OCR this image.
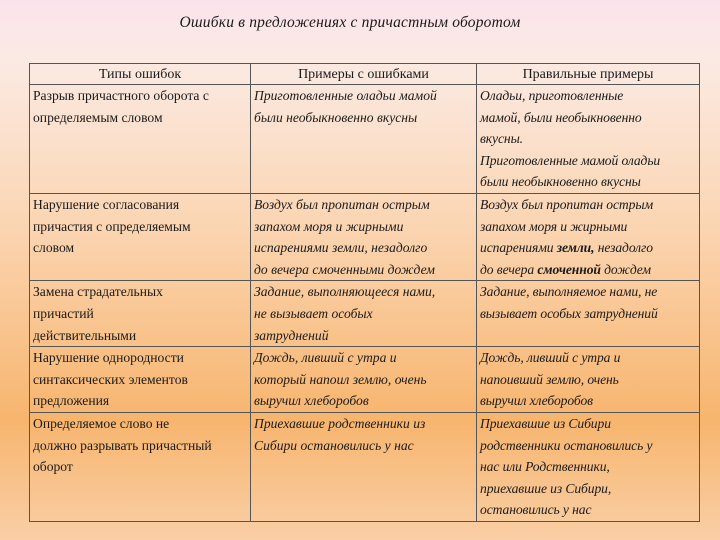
Ошибки в предложениях с причастным оборотом
Типы ошибок	Примеры с ошибками	Правильные примеры

Разрыв причастного оборота с
определяемым словом	Приготовленные оладьи мамой
были необыкновенно вкусны	Оладьи, приготовленные
мамой, были необыкновенно
вкусны.
Приготовленные мамой оладьи
были необыкновенно вкусны

Нарушение согласования
причастия с определяемым
словом	Воздух был пропитан острым
запахом моря и жирными
испарениями земли, незадолго
до вечера смоченными дождем	Воздух был пропитан острым
запахом моря и жирными
испарениями земли, незадолго
до вечера смоченной дождем

Замена страдательных
причастий
действительными	Задание, выполняющееся нами,
не вызывает особых
затруднений	Задание, выполняемое нами, не
вызывает особых затруднений

Нарушение однородности
синтаксических элементов
предложения	Дождь, ливший с утра и
который напоил землю, очень
выручил хлеборобов	Дождь, ливший с утра и
напоивший землю, очень
выручил хлеборобов

Определяемое слово не
должно разрывать причастный
оборот	Приехавшие родственники из
Сибири остановились у нас	Приехавшие из Сибири
родственники остановились у
нас или Родственники,
приехавшие из Сибири,
остановились у нас
